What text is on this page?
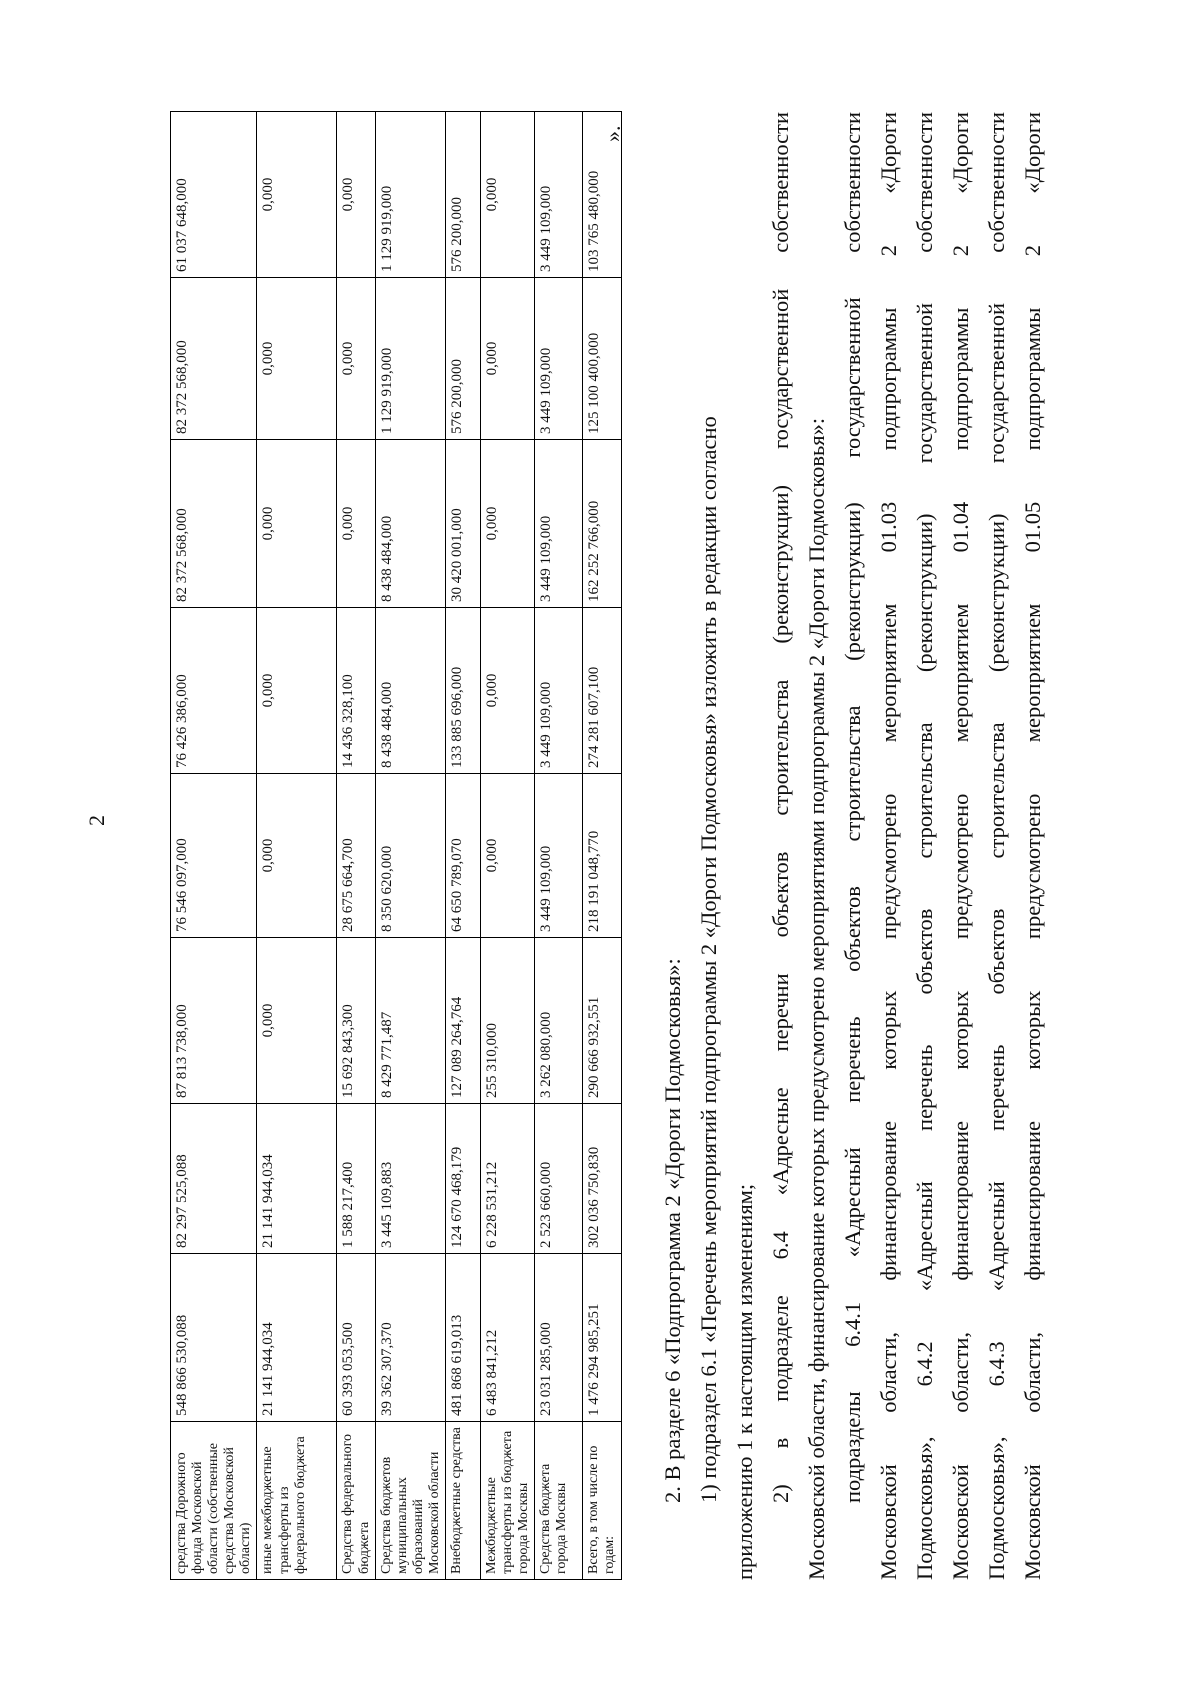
2
средства Дорожного фонда Московской области (собственные средства Московской области)	548 866 530,088	82 297 525,088	87 813 738,000	76 546 097,000	76 426 386,000	82 372 568,000	82 372 568,000	61 037 648,000
иные межбюджетные трансферты из федерального бюджета	21 141 944,034	21 141 944,034	0,000	0,000	0,000	0,000	0,000	0,000
Средства федерального бюджета	60 393 053,500	1 588 217,400	15 692 843,300	28 675 664,700	14 436 328,100	0,000	0,000	0,000
Средства бюджетов муниципальных образований Московской области	39 362 307,370	3 445 109,883	8 429 771,487	8 350 620,000	8 438 484,000	8 438 484,000	1 129 919,000	1 129 919,000
Внебюджетные средства	481 868 619,013	124 670 468,179	127 089 264,764	64 650 789,070	133 885 696,000	30 420 001,000	576 200,000	576 200,000
Межбюджетные трансферты из бюджета города Москвы	6 483 841,212	6 228 531,212	255 310,000	0,000	0,000	0,000	0,000	0,000
Средства бюджета города Москвы	23 031 285,000	2 523 660,000	3 262 080,000	3 449 109,000	3 449 109,000	3 449 109,000	3 449 109,000	3 449 109,000
Всего, в том числе по годам:	1 476 294 985,251	302 036 750,830	290 666 932,551	218 191 048,770	274 281 607,100	162 252 766,000	125 100 400,000	103 765 480,000
».

2. В разделе 6 «Подпрограмма 2 «Дороги Подмосковья»: 1) подраздел 6.1 «Перечень мероприятий подпрограммы 2 «Дороги Подмосковья» изложить в редакции согласно приложению 1 к настоящим изменениям; 2) в подразделе 6.4 «Адресные перечни объектов строительства (реконструкции) государственной собственности Московской области, финансирование которых предусмотрено мероприятиями подпрограммы 2 «Дороги Подмосковья»: подразделы 6.4.1 «Адресный перечень объектов строительства (реконструкции) государственной собственности Московской области, финансирование которых предусмотрено мероприятием 01.03 подпрограммы 2 «Дороги Подмосковья», 6.4.2 «Адресный перечень объектов строительства (реконструкции) государственной собственности Московской области, финансирование которых предусмотрено мероприятием 01.04 подпрограммы 2 «Дороги Подмосковья», 6.4.3 «Адресный перечень объектов строительства (реконструкции) государственной собственности Московской области, финансирование которых предусмотрено мероприятием 01.05 подпрограммы 2 «Дороги
